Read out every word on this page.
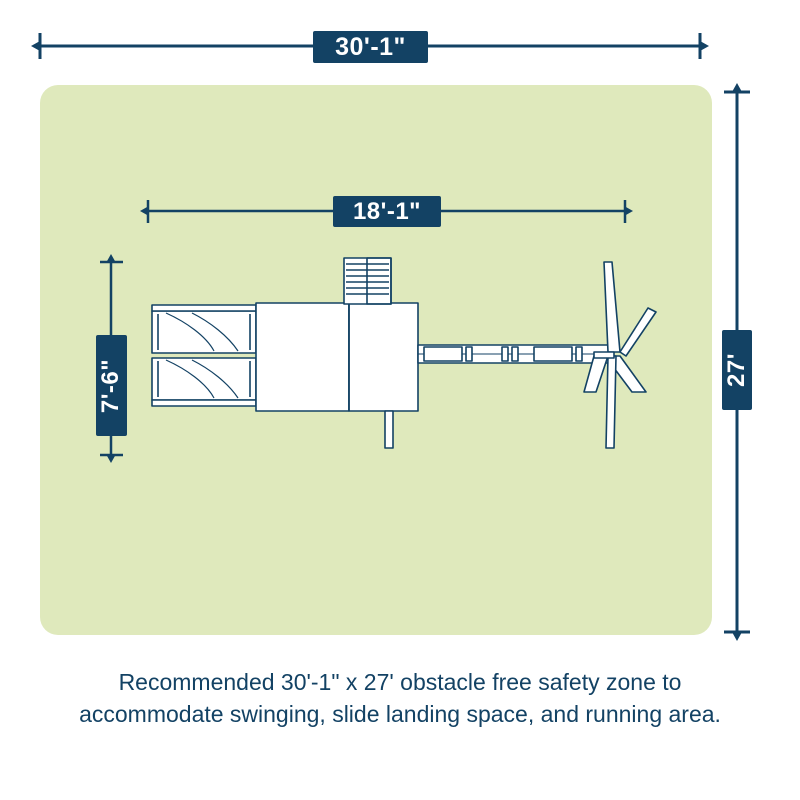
30'-1"
18'-1"
7'-6"	27'
Recommended 30'-1" x 27' obstacle free safety zone to accommodate swinging, slide landing space, and running area.
